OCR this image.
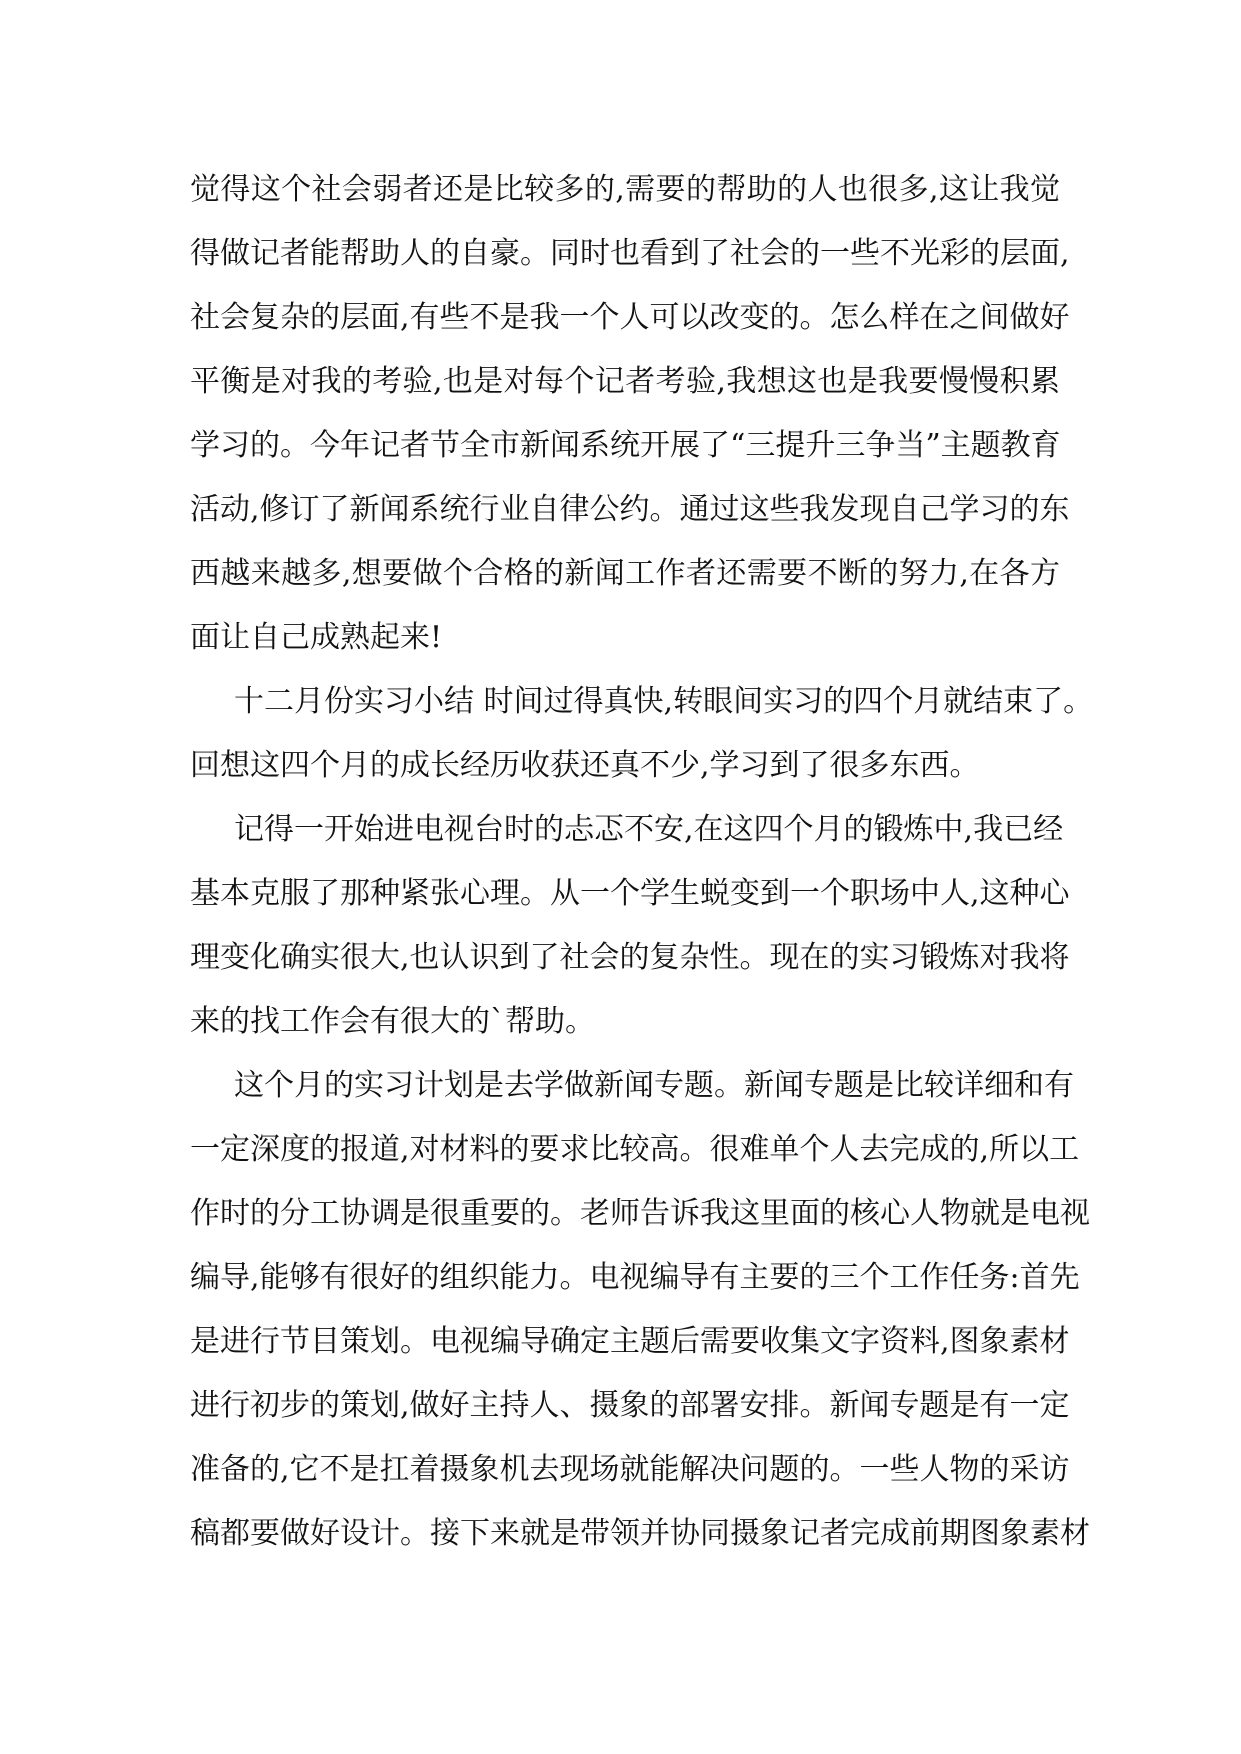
觉得这个社会弱者还是比较多的,需要的帮助的人也很多,这让我觉
得做记者能帮助人的自豪。同时也看到了社会的一些不光彩的层面,
社会复杂的层面,有些不是我一个人可以改变的。怎么样在之间做好
平衡是对我的考验,也是对每个记者考验,我想这也是我要慢慢积累
学习的。今年记者节全市新闻系统开展了“三提升三争当”主题教育
活动,修订了新闻系统行业自律公约。通过这些我发现自己学习的东
西越来越多,想要做个合格的新闻工作者还需要不断的努力,在各方
面让自己成熟起来!
十二月份实习小结 时间过得真快,转眼间实习的四个月就结束了。
回想这四个月的成长经历收获还真不少,学习到了很多东西。
记得一开始进电视台时的忐忑不安,在这四个月的锻炼中,我已经
基本克服了那种紧张心理。从一个学生蜕变到一个职场中人,这种心
理变化确实很大,也认识到了社会的复杂性。现在的实习锻炼对我将
来的找工作会有很大的`帮助。
这个月的实习计划是去学做新闻专题。新闻专题是比较详细和有
一定深度的报道,对材料的要求比较高。很难单个人去完成的,所以工
作时的分工协调是很重要的。老师告诉我这里面的核心人物就是电视
编导,能够有很好的组织能力。电视编导有主要的三个工作任务:首先
是进行节目策划。电视编导确定主题后需要收集文字资料,图象素材
进行初步的策划,做好主持人、摄象的部署安排。新闻专题是有一定
准备的,它不是扛着摄象机去现场就能解决问题的。一些人物的采访
稿都要做好设计。接下来就是带领并协同摄象记者完成前期图象素材
